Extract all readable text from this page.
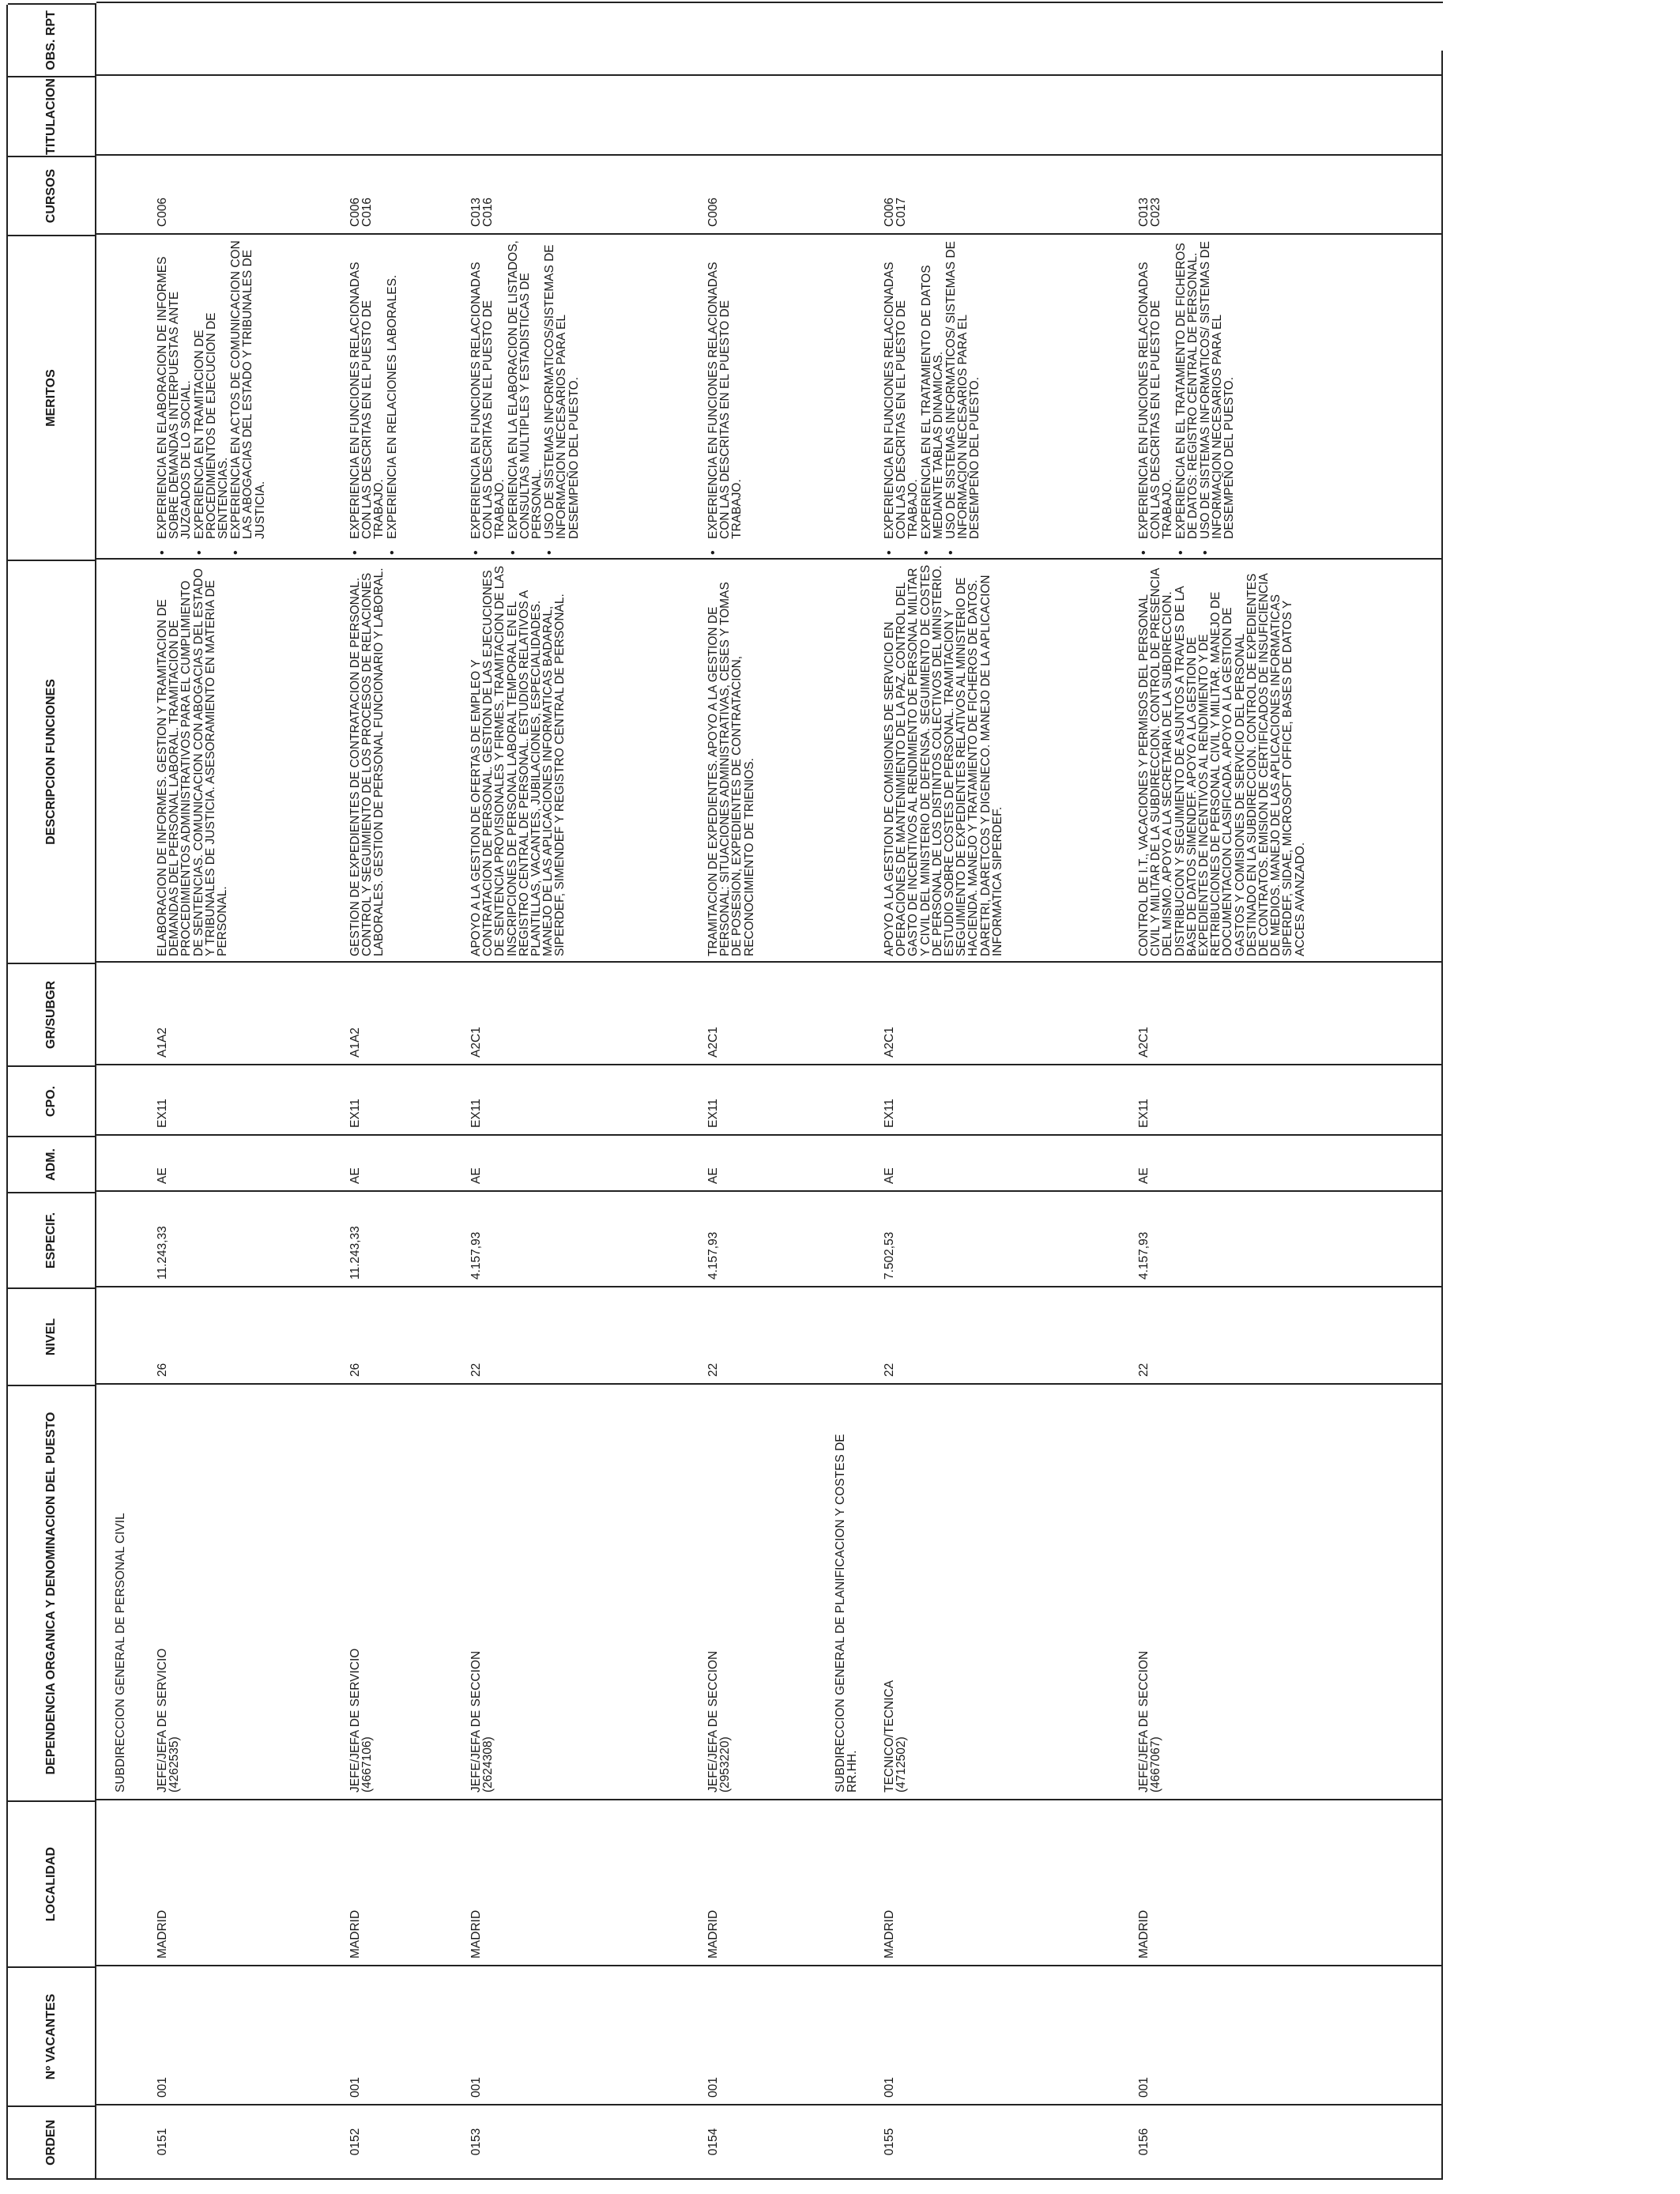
ORDEN
Nº VACANTES
LOCALIDAD
DEPENDENCIA ORGANICA Y DENOMINACION DEL PUESTO
NIVEL
ESPECIF.
ADM.
CPO.
GR/SUBGR
DESCRIPCION FUNCIONES
MERITOS
CURSOS
TITULACION
OBS. RPT
SUBDIRECCION GENERAL DE PERSONAL CIVIL	SUBDIRECCION GENERAL DE PLANIFICACION Y COSTES DE RR.HH.
0151
001
MADRID
JEFE/JEFA DE SERVICIO
(4262535)
26
11.243,33
AE
EX11
A1A2
ELABORACION DE INFORMES. GESTION Y TRAMITACION DE DEMANDAS DEL PERSONAL LABORAL. TRAMITACION DE PROCEDIMIENTOS ADMINISTRATIVOS PARA EL CUMPLIMIENTO DE SENTENCIAS. COMUNICACION CON ABOGACIAS DEL ESTADO Y TRIBUNALES DE JUSTICIA. ASESORAMIENTO EN MATERIA DE PERSONAL.
• EXPERIENCIA EN ELABORACION DE INFORMES SOBRE DEMANDAS INTERPUESTAS ANTE JUZGADOS DE LO SOCIAL. • EXPERIENCIA EN TRAMITACION DE PROCEDIMIENTOS DE EJECUCION DE SENTENCIAS. • EXPERIENCIA EN ACTOS DE COMUNICACION CON LAS ABOGACIAS DEL ESTADO Y TRIBUNALES DE JUSTICIA.
C006
0152
001
MADRID
JEFE/JEFA DE SERVICIO
(4667106)
26
11.243,33
AE
EX11
A1A2
GESTION DE EXPEDIENTES DE CONTRATACION DE PERSONAL. CONTROL Y SEGUIMIENTO DE LOS PROCESOS DE RELACIONES LABORALES. GESTION DE PERSONAL FUNCIONARIO Y LABORAL.
• EXPERIENCIA EN FUNCIONES RELACIONADAS CON LAS DESCRITAS EN EL PUESTO DE TRABAJO. • EXPERIENCIA EN RELACIONES LABORALES.
C006
C016
0153
001
MADRID
JEFE/JEFA DE SECCION
(2624308)
22
4.157,93
AE
EX11
A2C1
APOYO A LA GESTION DE OFERTAS DE EMPLEO Y CONTRATACION DE PERSONAL. GESTION DE LAS EJECUCIONES DE SENTENCIA PROVISIONALES Y FIRMES. TRAMITACION DE LAS INSCRIPCIONES DE PERSONAL LABORAL TEMPORAL EN EL REGISTRO CENTRAL DE PERSONAL. ESTUDIOS RELATIVOS A PLANTILLAS, VACANTES, JUBILACIONES, ESPECIALIDADES. MANEJO DE LAS APLICACIONES INFORMATICAS BADARAL, SIPERDEF, SIMENDEF Y REGISTRO CENTRAL DE PERSONAL.
• EXPERIENCIA EN FUNCIONES RELACIONADAS CON LAS DESCRITAS EN EL PUESTO DE TRABAJO. • EXPERIENCIA EN LA ELABORACION DE LISTADOS, CONSULTAS MULTIPLES Y ESTADISTICAS DE PERSONAL. • USO DE SISTEMAS INFORMATICOS/SISTEMAS DE INFORMACION NECESARIOS PARA EL DESEMPEÑO DEL PUESTO.
C013
C016
0154
001
MADRID
JEFE/JEFA DE SECCION
(2953220)
22
4.157,93
AE
EX11
A2C1
TRAMITACION DE EXPEDIENTES. APOYO A LA GESTION DE PERSONAL: SITUACIONES ADMINISTRATIVAS, CESES Y TOMAS DE POSESION, EXPEDIENTES DE CONTRATACION, RECONOCIMIENTO DE TRIENIOS.
• EXPERIENCIA EN FUNCIONES RELACIONADAS CON LAS DESCRITAS EN EL PUESTO DE TRABAJO.
C006
0155
001
MADRID
TECNICO/TECNICA
(4712502)
22
7.502,53
AE
EX11
A2C1
APOYO A LA GESTION DE COMISIONES DE SERVICIO EN OPERACIONES DE MANTENIMIENTO DE LA PAZ. CONTROL DEL GASTO DE INCENTIVOS AL RENDIMIENTO DE PERSONAL MILITAR Y CIVIL DEL MINISTERIO DE DEFENSA. SEGUIMIENTO DE COSTES DE PERSONAL DE LOS DISTINTOS COLECTIVOS DEL MINISTERIO. ESTUDIO SOBRE COSTES DE PERSONAL. TRAMITACION Y SEGUIMIENTO DE EXPEDIENTES RELATIVOS AL MINISTERIO DE HACIENDA. MANEJO Y TRATAMIENTO DE FICHEROS DE DATOS. DARETRI, DARETCOS Y DIGENECO. MANEJO DE LA APLICACION INFORMATICA SIPERDEF.
• EXPERIENCIA EN FUNCIONES RELACIONADAS CON LAS DESCRITAS EN EL PUESTO DE TRABAJO. • EXPERIENCIA EN EL TRATAMIENTO DE DATOS MEDIANTE TABLAS DINAMICAS. • USO DE SISTEMAS INFORMATICOS/ SISTEMAS DE INFORMACION NECESARIOS PARA EL DESEMPEÑO DEL PUESTO.
C006
C017
0156
001
MADRID
JEFE/JEFA DE SECCION
(4667067)
22
4.157,93
AE
EX11
A2C1
CONTROL DE I.T., VACACIONES Y PERMISOS DEL PERSONAL CIVIL Y MILITAR DE LA SUBDIRECCION. CONTROL DE PRESENCIA DEL MISMO. APOYO A LA SECRETARIA DE LA SUBDIRECCION. DISTRIBUCION Y SEGUIMIENTO DE ASUNTOS A TRAVES DE LA BASE DE DATOS SIMENDEF. APOYO A LA GESTION DE EXPEDIENTES DE INCENTIVOS AL RENDIMIENTO Y DE RETRIBUCIONES DE PERSONAL CIVIL Y MILITAR. MANEJO DE DOCUMENTACION CLASIFICADA. APOYO A LA GESTION DE GASTOS Y COMISIONES DE SERVICIO DEL PERSONAL DESTINADO EN LA SUBDIRECCION. CONTROL DE EXPEDIENTES DE CONTRATOS. EMISION DE CERTIFICADOS DE INSUFICIENCIA DE MEDIOS. MANEJO DE LAS APLICACIONES INFORMATICAS SIPERDEF, SIDAE, MICROSOFT OFFICE, BASES DE DATOS Y ACCES AVANZADO.
• EXPERIENCIA EN FUNCIONES RELACIONADAS CON LAS DESCRITAS EN EL PUESTO DE TRABAJO. • EXPERIENCIA EN EL TRATAMIENTO DE FICHEROS DE DATOS: REGISTRO CENTRAL DE PERSONAL. • USO DE SISTEMAS INFORMATICOS/ SISTEMAS DE INFORMACION NECESARIOS PARA EL DESEMPEÑO DEL PUESTO.
C013
C023
